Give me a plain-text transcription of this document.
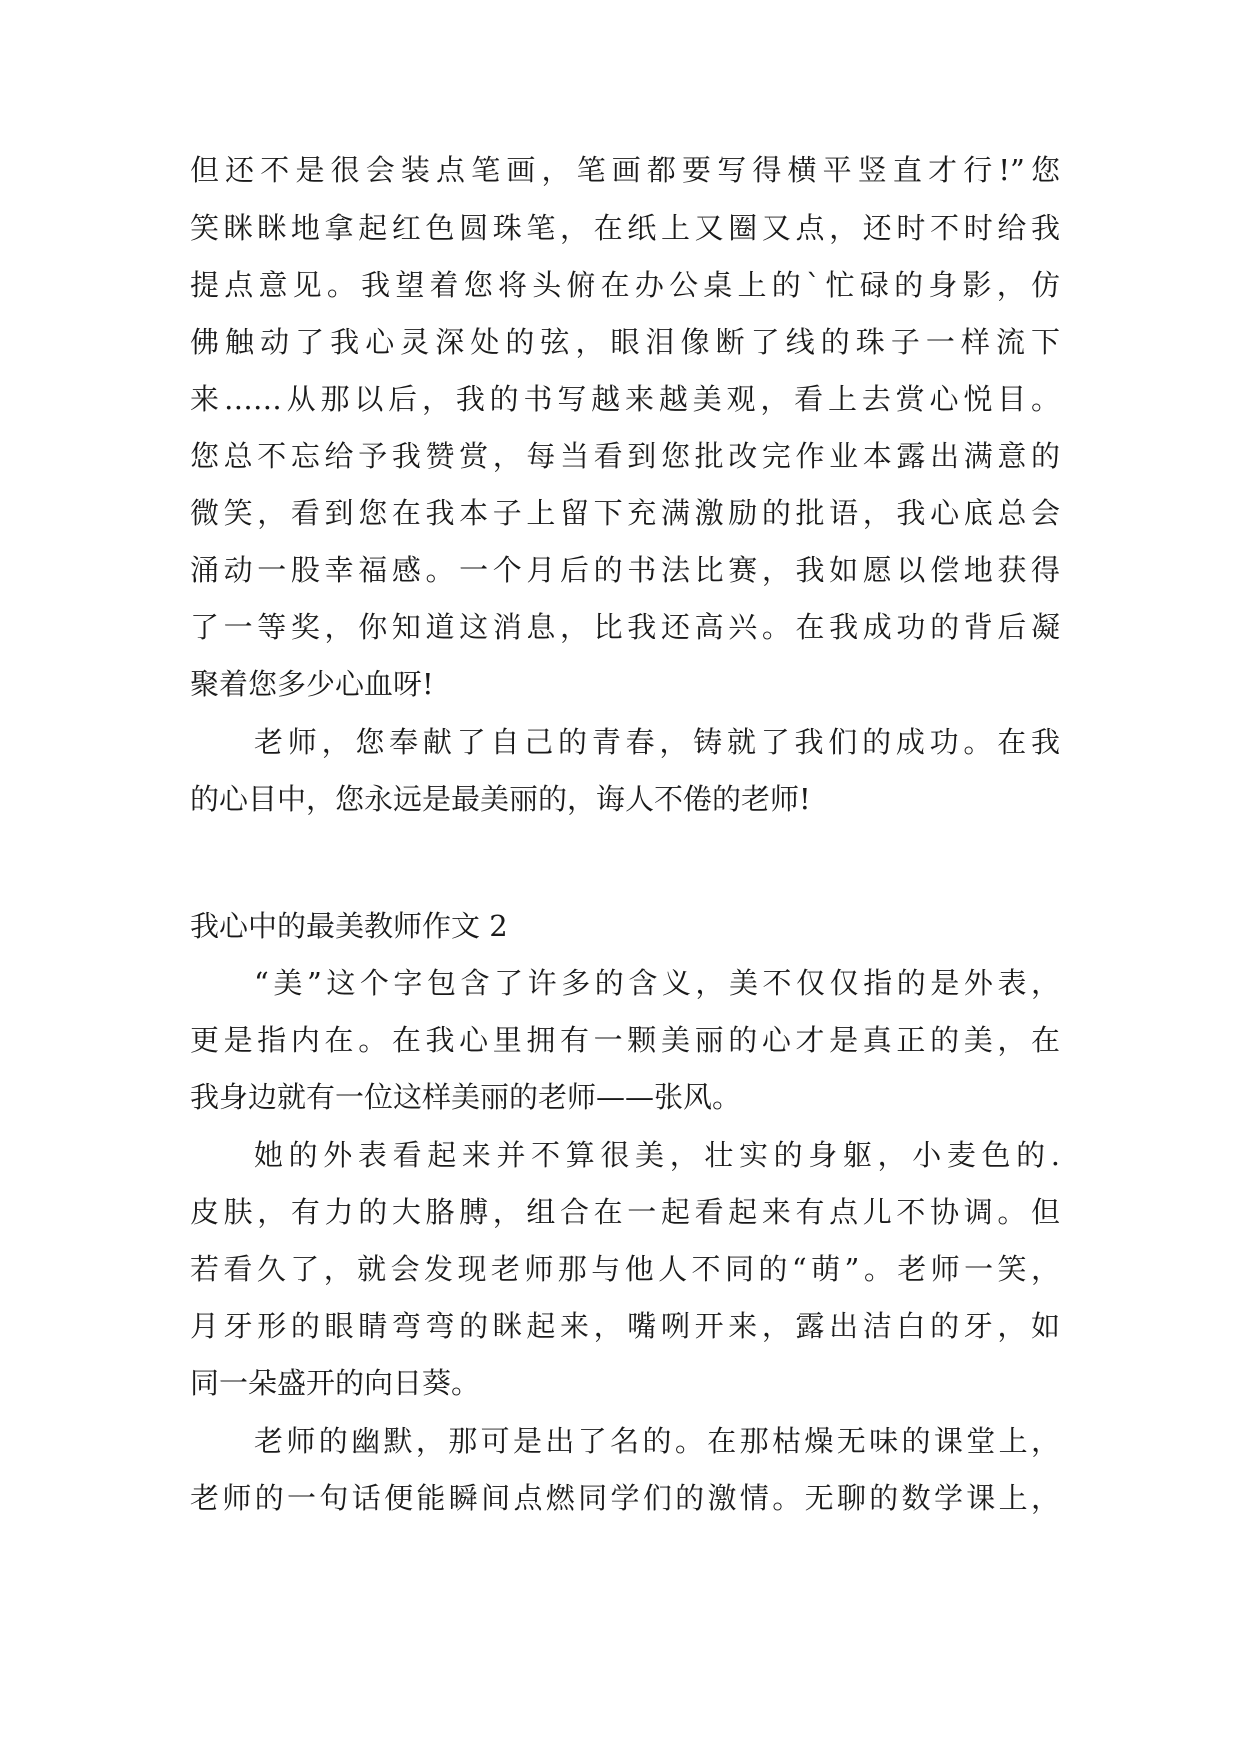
但还不是很会装点笔画，笔画都要写得横平竖直才行!”您
笑眯眯地拿起红色圆珠笔，在纸上又圈又点，还时不时给我
提点意见。我望着您将头俯在办公桌上的`忙碌的身影，仿
佛触动了我心灵深处的弦，眼泪像断了线的珠子一样流下
来……从那以后，我的书写越来越美观，看上去赏心悦目。
您总不忘给予我赞赏，每当看到您批改完作业本露出满意的
微笑，看到您在我本子上留下充满激励的批语，我心底总会
涌动一股幸福感。一个月后的书法比赛，我如愿以偿地获得
了一等奖，你知道这消息，比我还高兴。在我成功的背后凝
聚着您多少心血呀!
老师，您奉献了自己的青春，铸就了我们的成功。在我
的心目中，您永远是最美丽的，诲人不倦的老师!
我心中的最美教师作文 2
“美”这个字包含了许多的含义，美不仅仅指的是外表，
更是指内在。在我心里拥有一颗美丽的心才是真正的美，在
我身边就有一位这样美丽的老师——张风。
她的外表看起来并不算很美，壮实的身躯，小麦色的.
皮肤，有力的大胳膊，组合在一起看起来有点儿不协调。但
若看久了，就会发现老师那与他人不同的“萌”。老师一笑，
月牙形的眼睛弯弯的眯起来，嘴咧开来，露出洁白的牙，如
同一朵盛开的向日葵。
老师的幽默，那可是出了名的。在那枯燥无味的课堂上，
老师的一句话便能瞬间点燃同学们的激情。无聊的数学课上，
